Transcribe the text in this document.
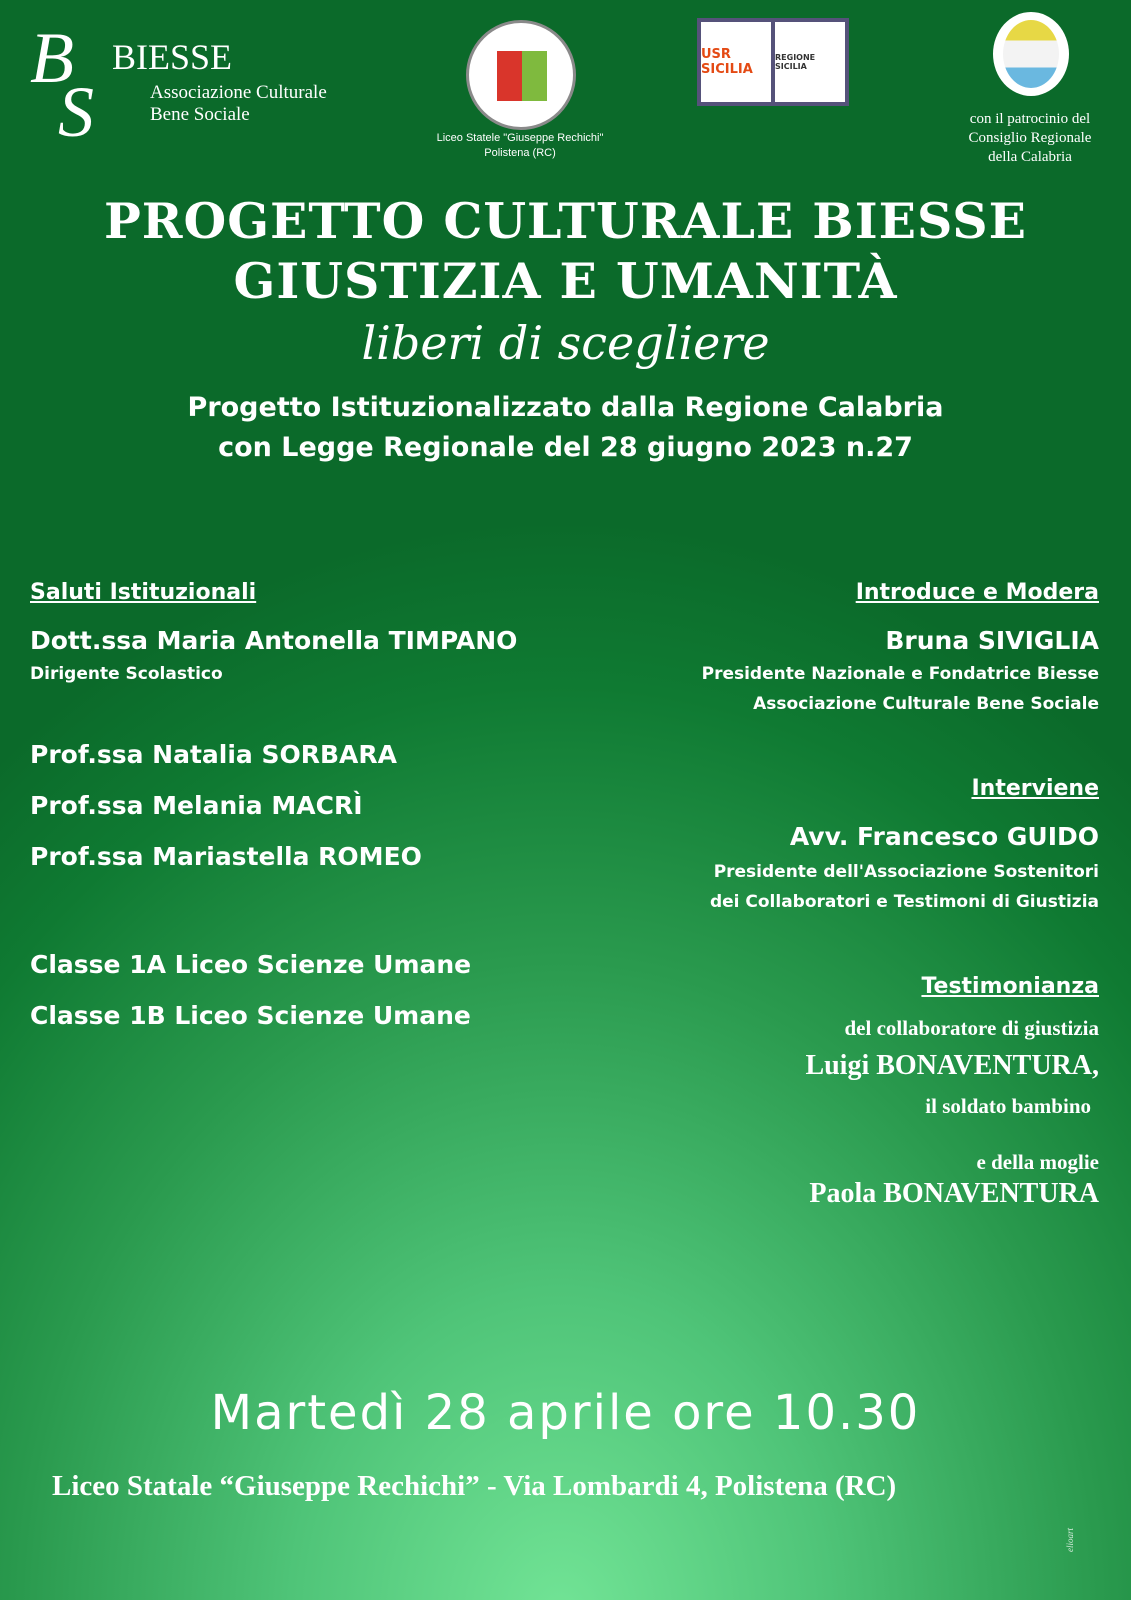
B
S
BIESSE
Associazione Culturale
Bene Sociale
Liceo Statele "Giuseppe Rechichi"
Polistena (RC)
USR SICILIA
REGIONE SICILIA
con il patrocinio del
Consiglio Regionale
della Calabria
PROGETTO CULTURALE BIESSE
GIUSTIZIA E UMANITÀ
liberi di scegliere
Progetto Istituzionalizzato dalla Regione Calabria
con Legge Regionale del 28 giugno 2023 n.27
Saluti Istituzionali
Dott.ssa Maria Antonella TIMPANO
Dirigente Scolastico
Prof.ssa Natalia SORBARA
Prof.ssa Melania MACRÌ
Prof.ssa Mariastella ROMEO
Classe 1A Liceo Scienze Umane
Classe 1B Liceo Scienze Umane
Introduce e Modera
Bruna SIVIGLIA
Presidente Nazionale e Fondatrice Biesse
Associazione Culturale Bene Sociale
Interviene
Avv. Francesco GUIDO
Presidente dell'Associazione Sostenitori
dei Collaboratori e Testimoni di Giustizia
Testimonianza
del collaboratore di giustizia
Luigi BONAVENTURA,
il soldato bambino
e della moglie
Paola BONAVENTURA
Martedì 28 aprile ore 10.30
Liceo Statale “Giuseppe Rechichi” - Via Lombardi 4, Polistena (RC)
elioart
